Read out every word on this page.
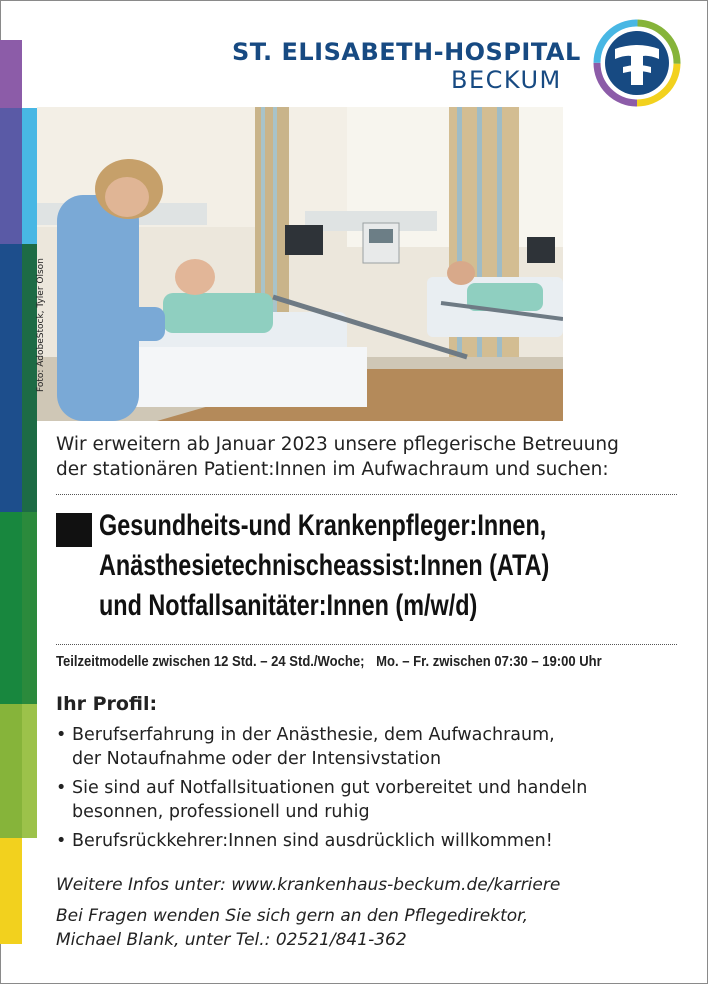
ST. ELISABETH-HOSPITAL
BECKUM
Foto: AdobeStock, Tyler Olson
Wir erweitern ab Januar 2023 unsere pflegerische Betreuung
der stationären Patient:Innen im Aufwachraum und suchen:
Gesundheits-und Krankenpfleger:Innen,
Anästhesietechnischeassist:Innen (ATA)
und Notfallsanitäter:Innen (m/w/d)
Teilzeitmodelle zwischen 12 Std. – 24 Std./Woche; Mo. – Fr. zwischen 07:30 – 19:00 Uhr
Ihr Profil:
• Berufserfahrung in der Anästhesie, dem Aufwachraum,
der Notaufnahme oder der Intensivstation
• Sie sind auf Notfallsituationen gut vorbereitet und handeln
besonnen, professionell und ruhig
• Berufsrückkehrer:Innen sind ausdrücklich willkommen!
Weitere Infos unter: www.krankenhaus-beckum.de/karriere
Bei Fragen wenden Sie sich gern an den Pflegedirektor,
Michael Blank, unter Tel.: 02521/841-362
